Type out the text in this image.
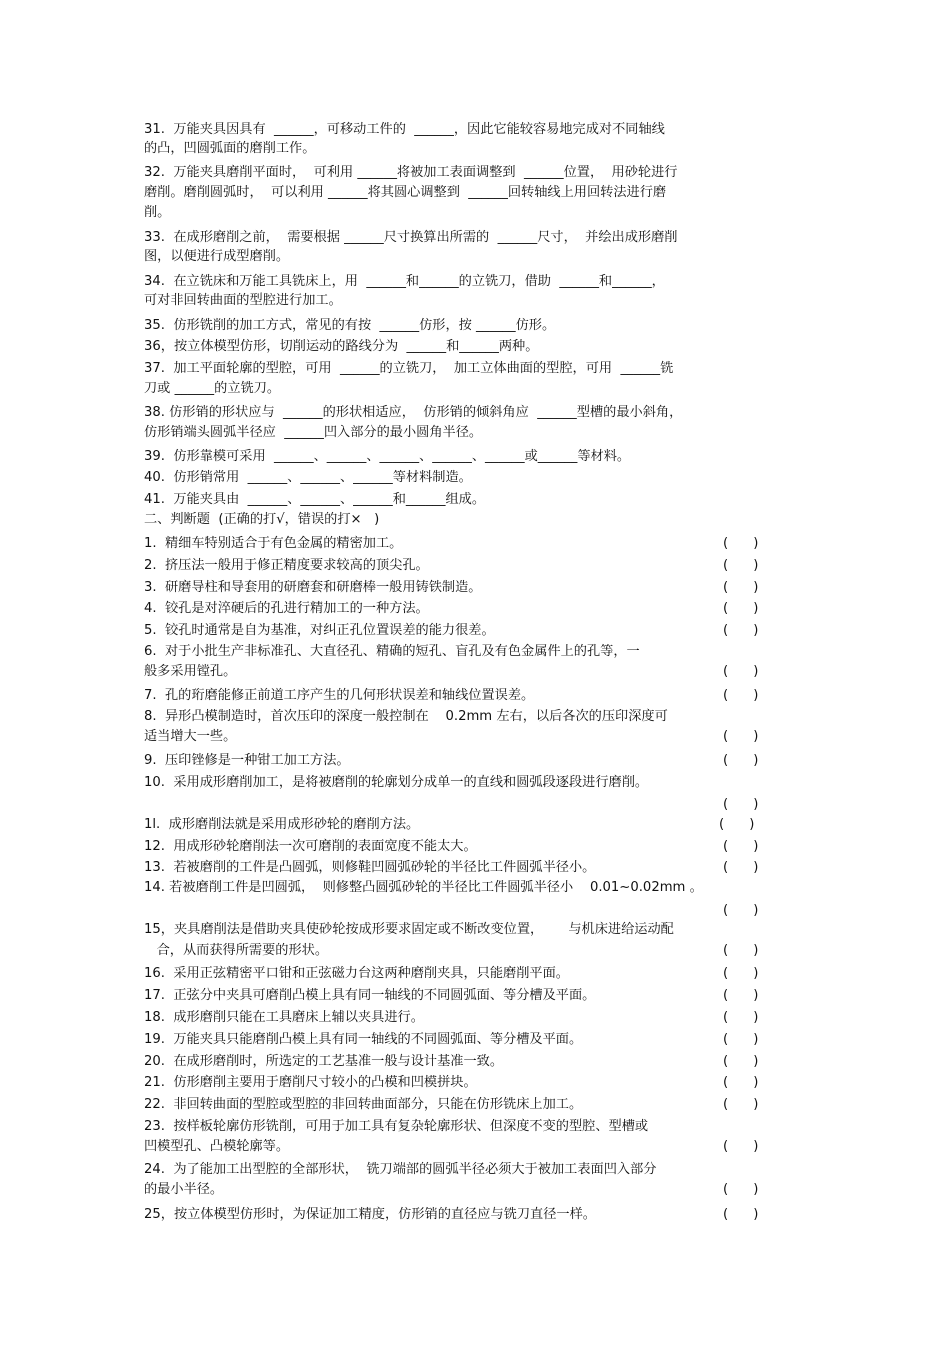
31.  万能夹具因具有  ______，可移动工件的  ______，因此它能较容易地完成对不同轴线
的凸，凹圆弧面的磨削工作。
32.  万能夹具磨削平面时，  可利用 ______将被加工表面调整到  ______位置，  用砂轮进行
磨削。磨削圆弧时，  可以利用 ______将其圆心调整到  ______回转轴线上用回转法进行磨
削。
33.  在成形磨削之前，  需要根据 ______尺寸换算出所需的  ______尺寸，  并绘出成形磨削
图，以便进行成型磨削。
34.  在立铣床和万能工具铣床上，用  ______和______的立铣刀，借助  ______和______，
可对非回转曲面的型腔进行加工。
35.  仿形铣削的加工方式，常见的有按  ______仿形，按 ______仿形。
36，按立体模型仿形，切削运动的路线分为  ______和______两种。
37.  加工平面轮廓的型腔，可用  ______的立铣刀，  加工立体曲面的型腔，可用  ______铣
刀或 ______的立铣刀。
38. 仿形销的形状应与  ______的形状相适应，  仿形销的倾斜角应  ______型槽的最小斜角，
仿形销端头圆弧半径应  ______凹入部分的最小圆角半径。
39.  仿形靠模可采用  ______、______、______、______、______或______等材料。
40.  仿形销常用  ______、______、______等材料制造。
41.  万能夹具由  ______、______、______和______组成。
二、判断题  (正确的打√，错误的打×   )
1.  精细车特别适合于有色金属的精密加工。	(      )
2.  挤压法一般用于修正精度要求较高的顶尖孔。	(      )
3.  研磨导柱和导套用的研磨套和研磨棒一般用铸铁制造。	(      )
4.  铰孔是对淬硬后的孔进行精加工的一种方法。	(      )
5.  铰孔时通常是自为基准，对纠正孔位置误差的能力很差。	(      )
6.  对于小批生产非标准孔、大直径孔、精确的短孔、盲孔及有色金属件上的孔等，一
般多采用镗孔。	(      )
7.  孔的珩磨能修正前道工序产生的几何形状误差和轴线位置误差。	(      )
8.  异形凸模制造时，首次压印的深度一般控制在    0.2mm 左右，以后各次的压印深度可
适当增大一些。	(      )
9.  压印锉修是一种钳工加工方法。	(      )
10.  采用成形磨削加工，是将被磨削的轮廓划分成单一的直线和圆弧段逐段进行磨削。
(      )
1l.  成形磨削法就是采用成形砂轮的磨削方法。	(      )
12.  用成形砂轮磨削法一次可磨削的表面宽度不能太大。	(      )
13.  若被磨削的工件是凸圆弧，则修鞋凹圆弧砂轮的半径比工件圆弧半径小。	(      )
14. 若被磨削工件是凹圆弧，  则修整凸圆弧砂轮的半径比工件圆弧半径小    0.01~0.02mm 。
(      )
15，夹具磨削法是借助夹具使砂轮按成形要求固定或不断改变位置，      与机床进给运动配
合，从而获得所需要的形状。	(      )
16.  采用正弦精密平口钳和正弦磁力台这两种磨削夹具，只能磨削平面。	(      )
17.  正弦分中夹具可磨削凸模上具有同一轴线的不同圆弧面、等分槽及平面。	(      )
18.  成形磨削只能在工具磨床上辅以夹具进行。	(      )
19.  万能夹具只能磨削凸模上具有同一轴线的不同圆弧面、等分槽及平面。	(      )
20.  在成形磨削时，所选定的工艺基准一般与设计基准一致。	(      )
21.  仿形磨削主要用于磨削尺寸较小的凸模和凹模拼块。	(      )
22.  非回转曲面的型腔或型腔的非回转曲面部分，只能在仿形铣床上加工。	(      )
23.  按样板轮廓仿形铣削，可用于加工具有复杂轮廓形状、但深度不变的型腔、型槽或
凹模型孔、凸模轮廓等。	(      )
24.  为了能加工出型腔的全部形状，  铣刀端部的圆弧半径必须大于被加工表面凹入部分
的最小半径。	(      )
25，按立体模型仿形时，为保证加工精度，仿形销的直径应与铣刀直径一样。	(      )
